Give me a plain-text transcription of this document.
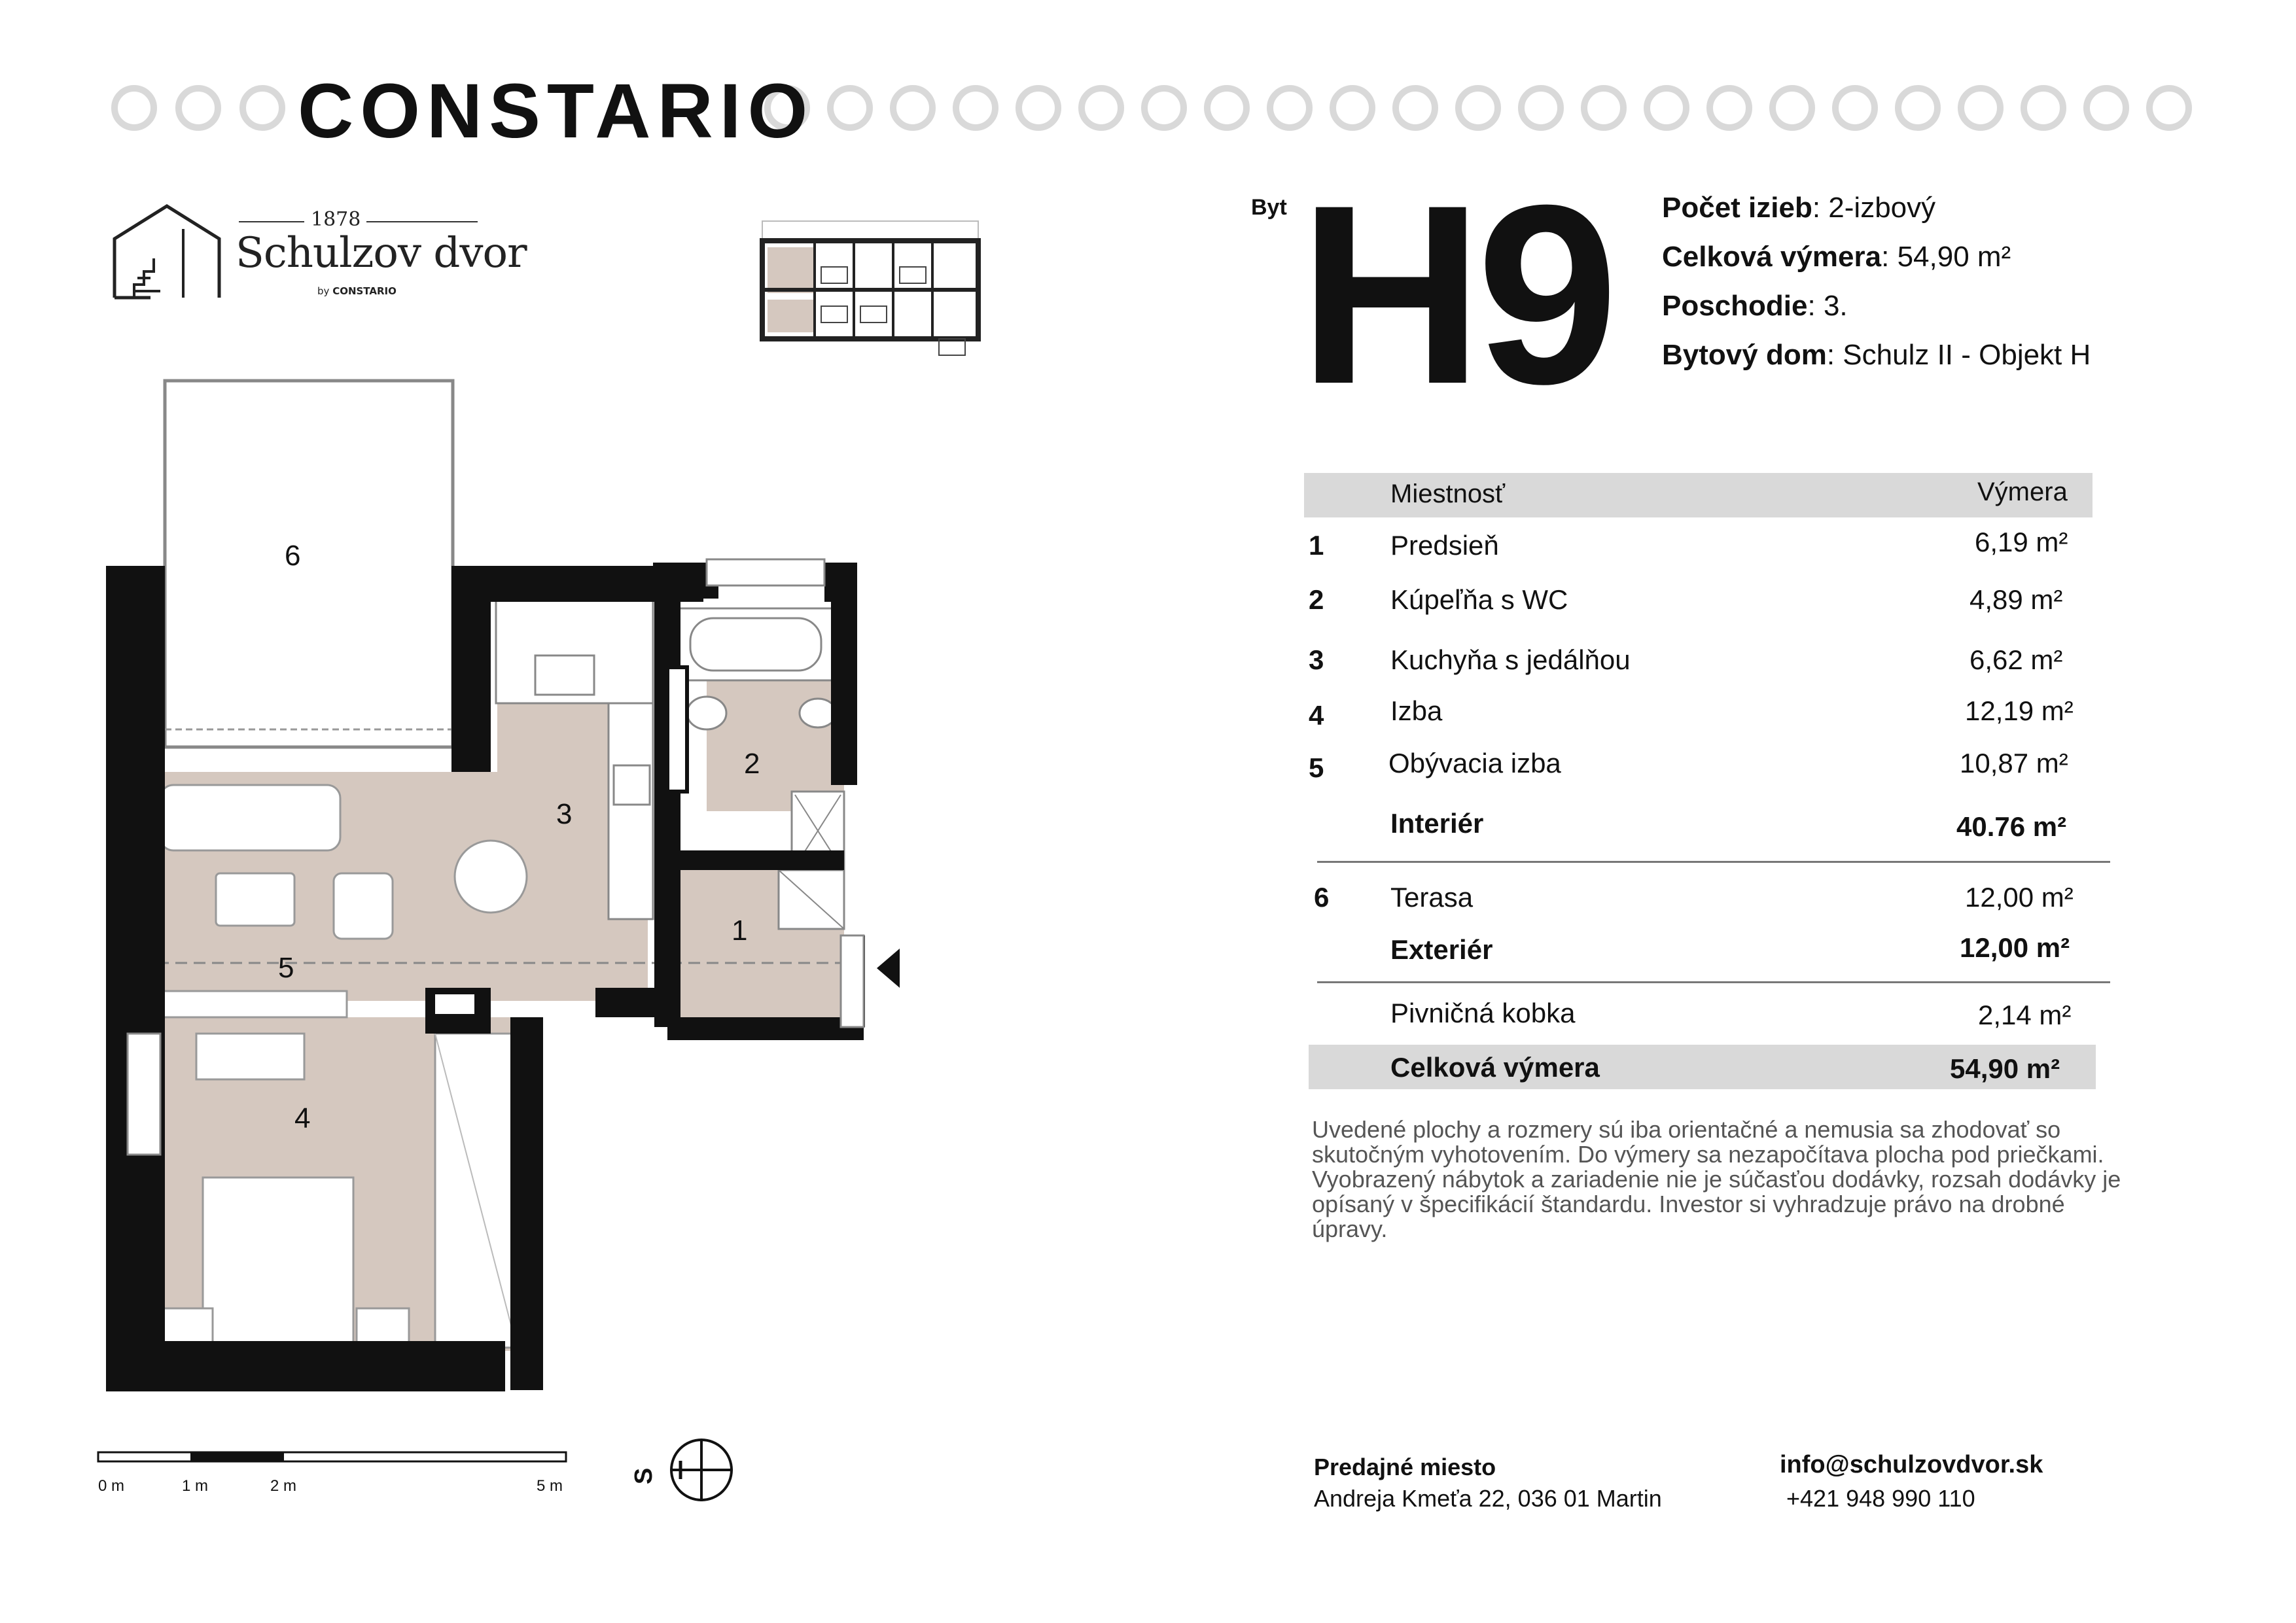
CONSTARIO
1878
Schulzov dvor
by CONSTARIO
6
3
2
1
5
4
0 m	1 m	2 m	5 m
S
Byt H9 Počet izieb: 2-izbový
Celková výmera: 54,90 m²
Poschodie: 3.
Bytový dom: Schulz II - Objekt H
Miestnosť	Výmera
1 Predsieň	6,19 m²
2 Kúpeľňa s WC	4,89 m²
3 Kuchyňa s jedálňou	6,62 m²
4 Izba	12,19 m²
5 Obývacia izba	10,87 m²
Interiér	40.76 m²
6 Terasa	12,00 m²
Exteriér	12,00 m²
Pivničná kobka	2,14 m²
Celková výmera	54,90 m²
Uvedené plochy a rozmery sú iba orientačné a nemusia sa zhodovať so skutočným vyhotovením. Do výmery sa nezapočítava plocha pod priečkami. Vyobrazený nábytok a zariadenie nie je súčasťou dodávky, rozsah dodávky je opísaný v špecifikácií štandardu. Investor si vyhradzuje právo na drobné úpravy.
Predajné miesto
Andreja Kmeťa 22, 036 01 Martin
info@schulzovdvor.sk
+421 948 990 110
